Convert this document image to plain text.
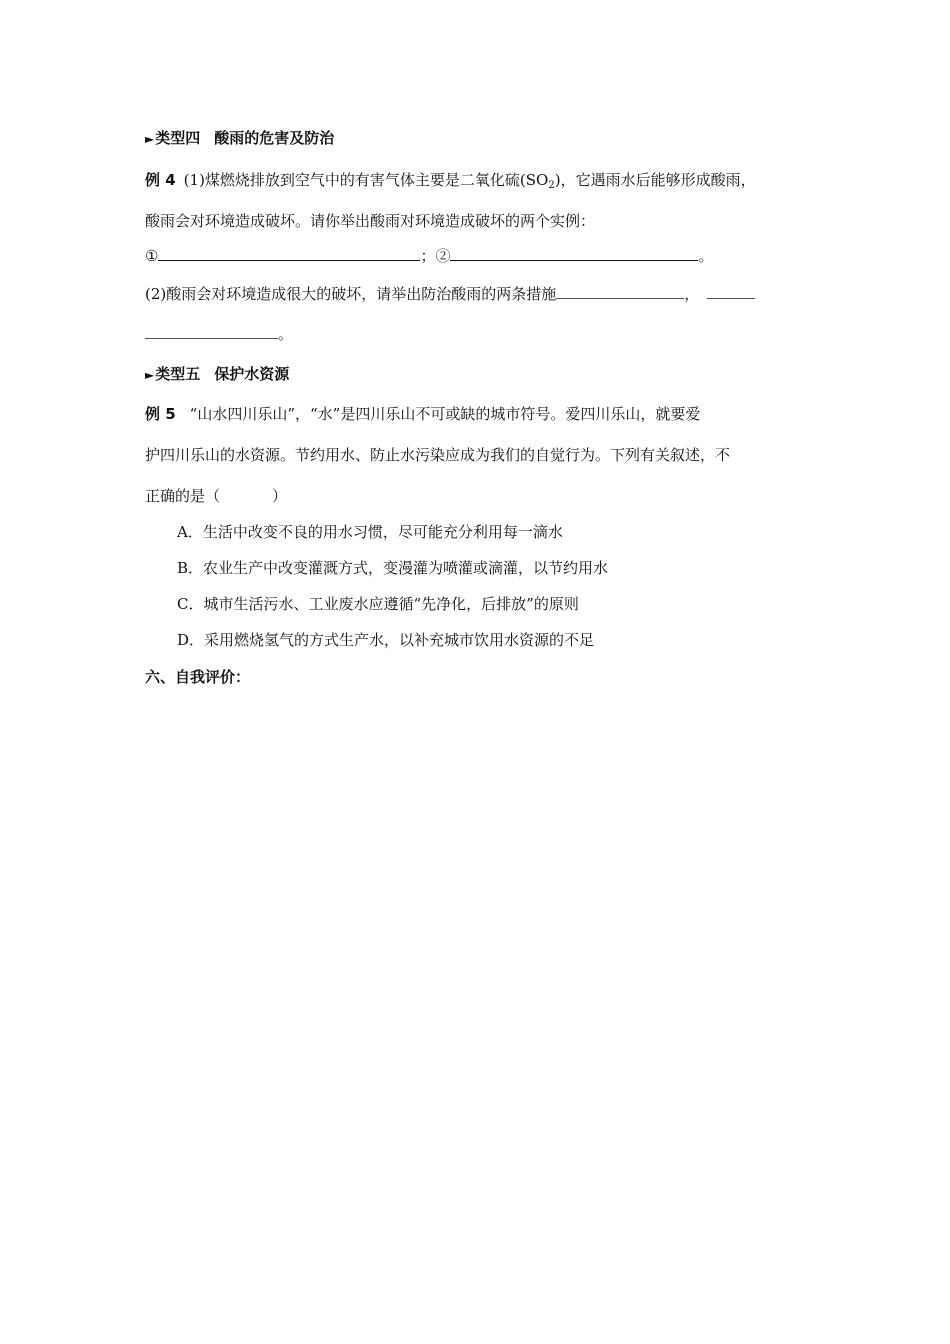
►类型四 酸雨的危害及防治
例 4 (1)煤燃烧排放到空气中的有害气体主要是二氧化硫$(SO_2)$，它遇雨水后能够形成酸雨，
酸雨会对环境造成破坏。请你举出酸雨对环境造成破坏的两个实例：
①	；②	。
(2)酸雨会对环境造成很大的破坏，请举出防治酸雨的两条措施	，
。
►类型五 保护水资源
例 5 “山水四川乐山”，“水”是四川乐山不可或缺的城市符号。爱四川乐山，就要爱
护四川乐山的水资源。节约用水、防止水污染应成为我们的自觉行为。下列有关叙述，不
正确的是（	）
A．生活中改变不良的用水习惯，尽可能充分利用每一滴水
B．农业生产中改变灌溉方式，变漫灌为喷灌或滴灌，以节约用水
C．城市生活污水、工业废水应遵循“先净化，后排放”的原则
D．采用燃烧氢气的方式生产水，以补充城市饮用水资源的不足
六、自我评价：
